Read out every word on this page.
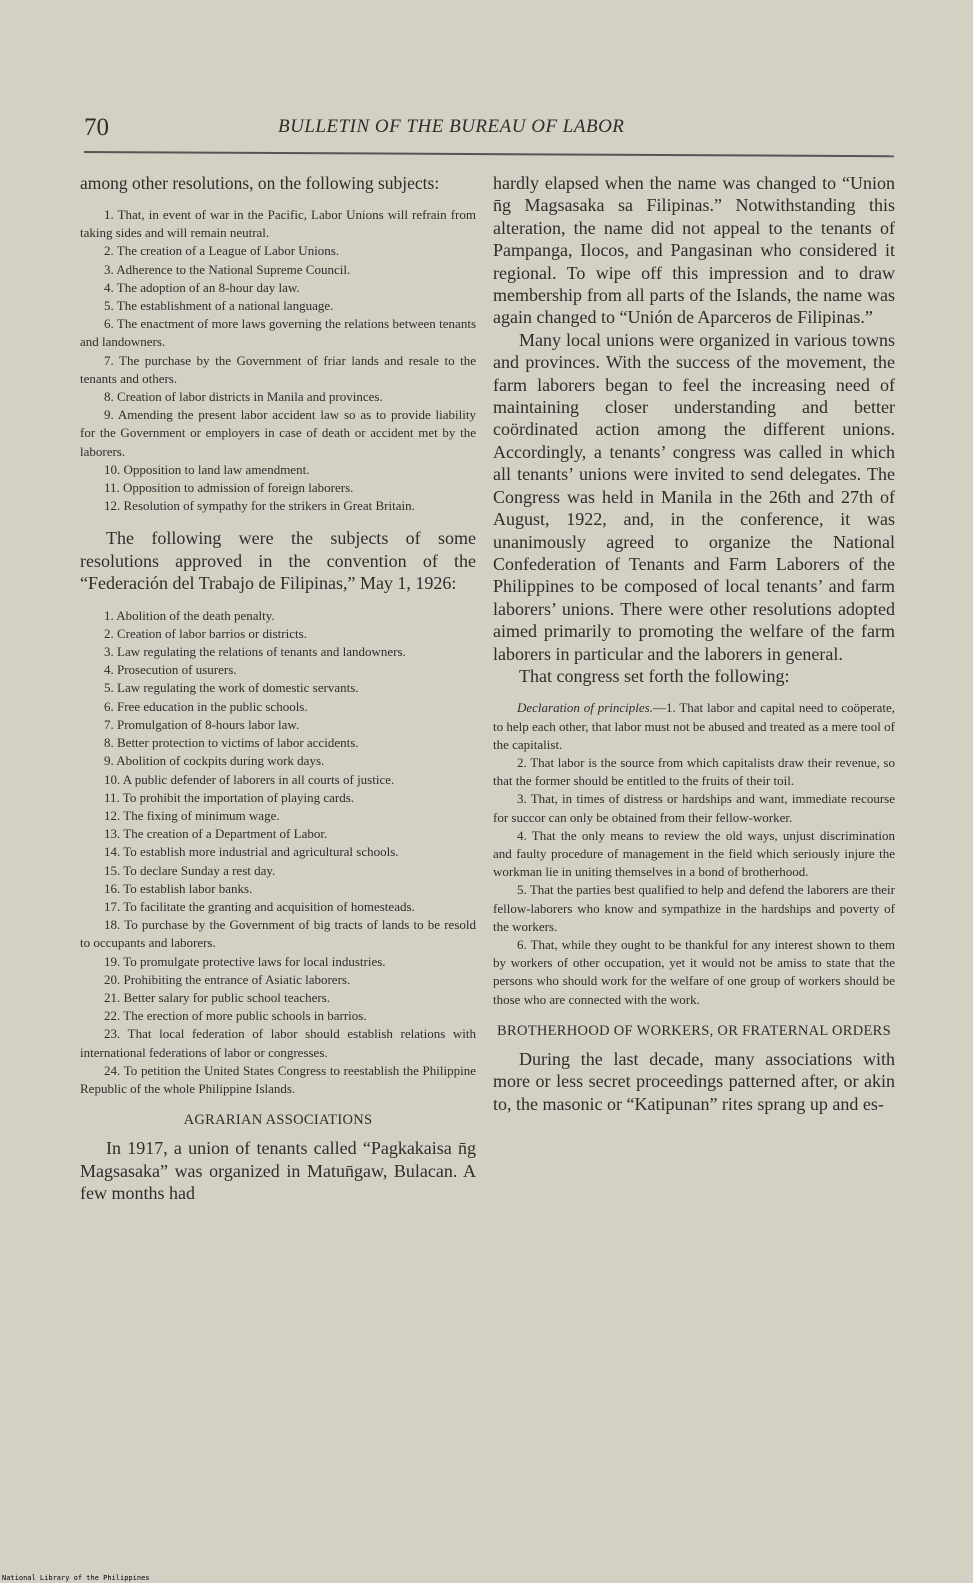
70	BULLETIN OF THE BUREAU OF LABOR

among other resolutions, on the following subjects:

1. That, in event of war in the Pacific, Labor Unions will refrain from taking sides and will remain neutral.

2. The creation of a League of Labor Unions.

3. Adherence to the National Supreme Council.

4. The adoption of an 8-hour day law.

5. The establishment of a national language.

6. The enactment of more laws governing the relations between tenants and landowners.

7. The purchase by the Government of friar lands and resale to the tenants and others.

8. Creation of labor districts in Manila and provinces.

9. Amending the present labor accident law so as to provide liability for the Government or employers in case of death or accident met by the laborers.

10. Opposition to land law amendment.

11. Opposition to admission of foreign laborers.

12. Resolution of sympathy for the strikers in Great Britain.

The following were the subjects of some resolutions approved in the convention of the “Federación del Trabajo de Filipinas,” May 1, 1926:

1. Abolition of the death penalty.

2. Creation of labor barrios or districts.

3. Law regulating the relations of tenants and landowners.

4. Prosecution of usurers.

5. Law regulating the work of domestic servants.

6. Free education in the public schools.

7. Promulgation of 8-hours labor law.

8. Better protection to victims of labor accidents.

9. Abolition of cockpits during work days.

10. A public defender of laborers in all courts of justice.

11. To prohibit the importation of playing cards.

12. The fixing of minimum wage.

13. The creation of a Department of Labor.

14. To establish more industrial and agricultural schools.

15. To declare Sunday a rest day.

16. To establish labor banks.

17. To facilitate the granting and acquisition of homesteads.

18. To purchase by the Government of big tracts of lands to be resold to occupants and laborers.

19. To promulgate protective laws for local industries.

20. Prohibiting the entrance of Asiatic laborers.

21. Better salary for public school teachers.

22. The erection of more public schools in barrios.

23. That local federation of labor should establish relations with international federations of labor or congresses.

24. To petition the United States Congress to reestablish the Philippine Republic of the whole Philippine Islands.

AGRARIAN ASSOCIATIONS

In 1917, a union of tenants called “Pagkakaisa n̄g Magsasaka” was organized in Matun̄gaw, Bulacan. A few months had

hardly elapsed when the name was changed to “Union n̄g Magsasaka sa Filipinas.” Notwithstanding this alteration, the name did not appeal to the tenants of Pampanga, Ilocos, and Pangasinan who considered it regional. To wipe off this impression and to draw membership from all parts of the Islands, the name was again changed to “Unión de Aparceros de Filipinas.”

Many local unions were organized in various towns and provinces. With the success of the movement, the farm laborers began to feel the increasing need of maintaining closer understanding and better coördinated action among the different unions. Accordingly, a tenants’ congress was called in which all tenants’ unions were invited to send delegates. The Congress was held in Manila in the 26th and 27th of August, 1922, and, in the conference, it was unanimously agreed to organize the National Confederation of Tenants and Farm Laborers of the Philippines to be composed of local tenants’ and farm laborers’ unions. There were other resolutions adopted aimed primarily to promoting the welfare of the farm laborers in particular and the laborers in general.

That congress set forth the following:

Declaration of principles.—1. That labor and capital need to coöperate, to help each other, that labor must not be abused and treated as a mere tool of the capitalist.

2. That labor is the source from which capitalists draw their revenue, so that the former should be entitled to the fruits of their toil.

3. That, in times of distress or hardships and want, immediate recourse for succor can only be obtained from their fellow-worker.

4. That the only means to review the old ways, unjust discrimination and faulty procedure of management in the field which seriously injure the workman lie in uniting themselves in a bond of brotherhood.

5. That the parties best qualified to help and defend the laborers are their fellow-laborers who know and sympathize in the hardships and poverty of the workers.

6. That, while they ought to be thankful for any interest shown to them by workers of other occupation, yet it would not be amiss to state that the persons who should work for the welfare of one group of workers should be those who are connected with the work.

BROTHERHOOD OF WORKERS, OR FRATERNAL ORDERS

During the last decade, many associations with more or less secret proceedings patterned after, or akin to, the masonic or “Katipunan” rites sprang up and es-

National Library of the Philippines
